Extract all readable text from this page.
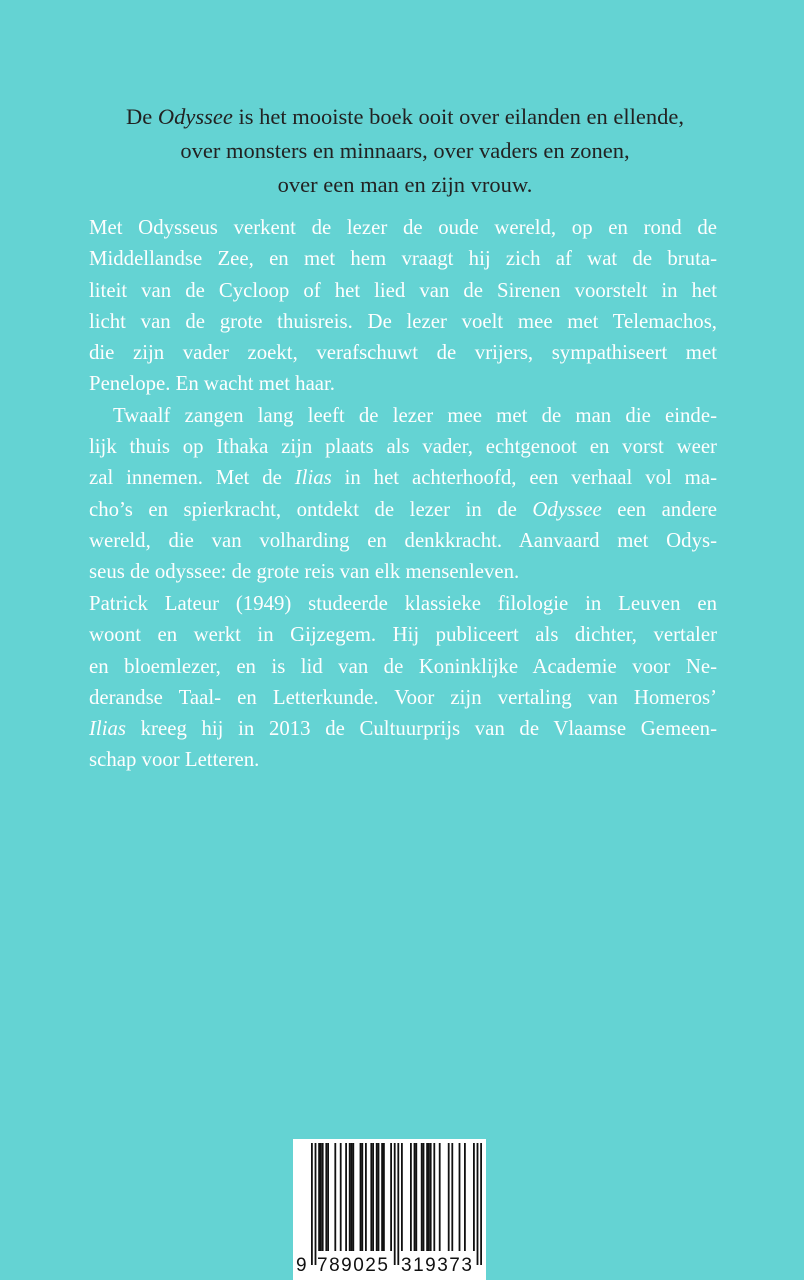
De Odyssee is het mooiste boek ooit over eilanden en ellende,
over monsters en minnaars, over vaders en zonen,
over een man en zijn vrouw.
Met Odysseus verkent de lezer de oude wereld, op en rond de
Middellandse Zee, en met hem vraagt hij zich af wat de bruta-
liteit van de Cycloop of het lied van de Sirenen voorstelt in het
licht van de grote thuisreis. De lezer voelt mee met Telemachos,
die zijn vader zoekt, verafschuwt de vrijers, sympathiseert met
Penelope. En wacht met haar.
Twaalf zangen lang leeft de lezer mee met de man die einde-
lijk thuis op Ithaka zijn plaats als vader, echtgenoot en vorst weer
zal innemen. Met de Ilias in het achterhoofd, een verhaal vol ma-
cho’s en spierkracht, ontdekt de lezer in de Odyssee een andere
wereld, die van volharding en denkkracht. Aanvaard met Odys-
seus de odyssee: de grote reis van elk mensenleven.
Patrick Lateur (1949) studeerde klassieke filologie in Leuven en
woont en werkt in Gijzegem. Hij publiceert als dichter, vertaler
en bloemlezer, en is lid van de Koninklijke Academie voor Ne-
derandse Taal- en Letterkunde. Voor zijn vertaling van Homeros’
Ilias kreeg hij in 2013 de Cultuurprijs van de Vlaamse Gemeen-
schap voor Letteren.
9 789025 319373
